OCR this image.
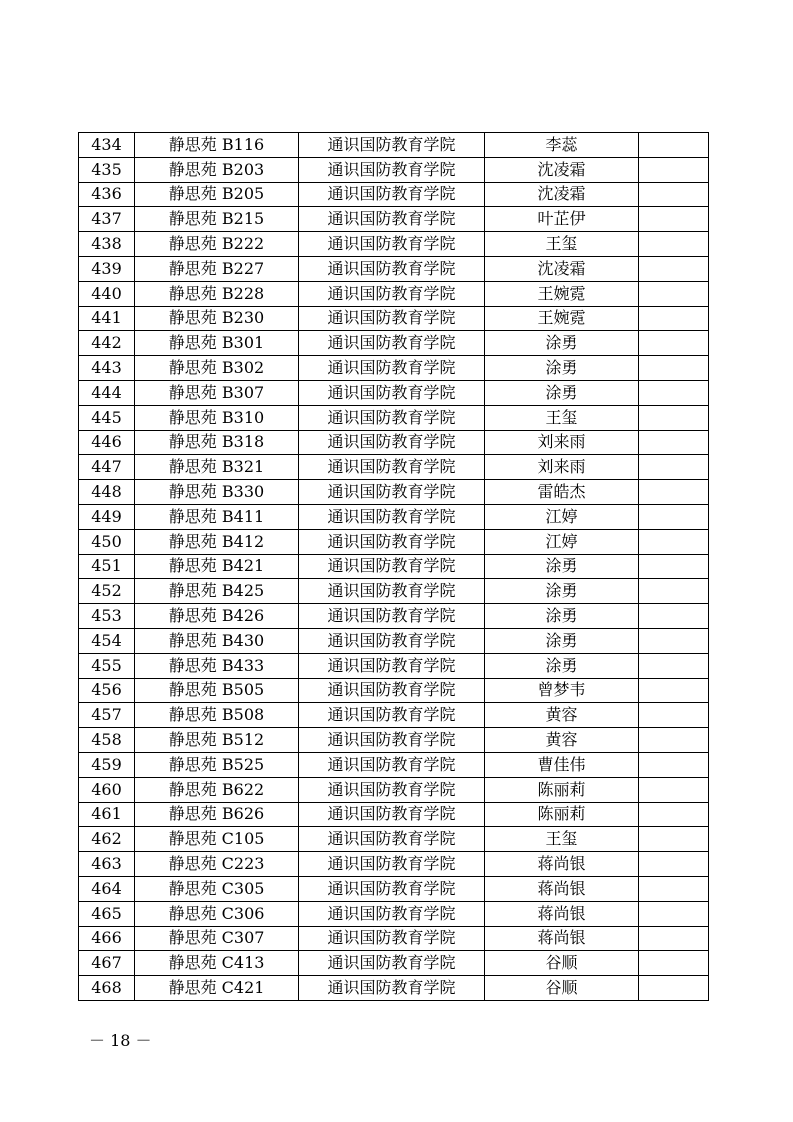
434	静思苑 B116	通识国防教育学院	李蕊	
435	静思苑 B203	通识国防教育学院	沈凌霜	
436	静思苑 B205	通识国防教育学院	沈凌霜	
437	静思苑 B215	通识国防教育学院	叶芷伊	
438	静思苑 B222	通识国防教育学院	王玺	
439	静思苑 B227	通识国防教育学院	沈凌霜	
440	静思苑 B228	通识国防教育学院	王婉霓	
441	静思苑 B230	通识国防教育学院	王婉霓	
442	静思苑 B301	通识国防教育学院	涂勇	
443	静思苑 B302	通识国防教育学院	涂勇	
444	静思苑 B307	通识国防教育学院	涂勇	
445	静思苑 B310	通识国防教育学院	王玺	
446	静思苑 B318	通识国防教育学院	刘来雨	
447	静思苑 B321	通识国防教育学院	刘来雨	
448	静思苑 B330	通识国防教育学院	雷皓杰	
449	静思苑 B411	通识国防教育学院	江婷	
450	静思苑 B412	通识国防教育学院	江婷	
451	静思苑 B421	通识国防教育学院	涂勇	
452	静思苑 B425	通识国防教育学院	涂勇	
453	静思苑 B426	通识国防教育学院	涂勇	
454	静思苑 B430	通识国防教育学院	涂勇	
455	静思苑 B433	通识国防教育学院	涂勇	
456	静思苑 B505	通识国防教育学院	曾梦韦	
457	静思苑 B508	通识国防教育学院	黄容	
458	静思苑 B512	通识国防教育学院	黄容	
459	静思苑 B525	通识国防教育学院	曹佳伟	
460	静思苑 B622	通识国防教育学院	陈丽莉	
461	静思苑 B626	通识国防教育学院	陈丽莉	
462	静思苑 C105	通识国防教育学院	王玺	
463	静思苑 C223	通识国防教育学院	蒋尚银	
464	静思苑 C305	通识国防教育学院	蒋尚银	
465	静思苑 C306	通识国防教育学院	蒋尚银	
466	静思苑 C307	通识国防教育学院	蒋尚银	
467	静思苑 C413	通识国防教育学院	谷顺	
468	静思苑 C421	通识国防教育学院	谷顺	
－ 18 －
